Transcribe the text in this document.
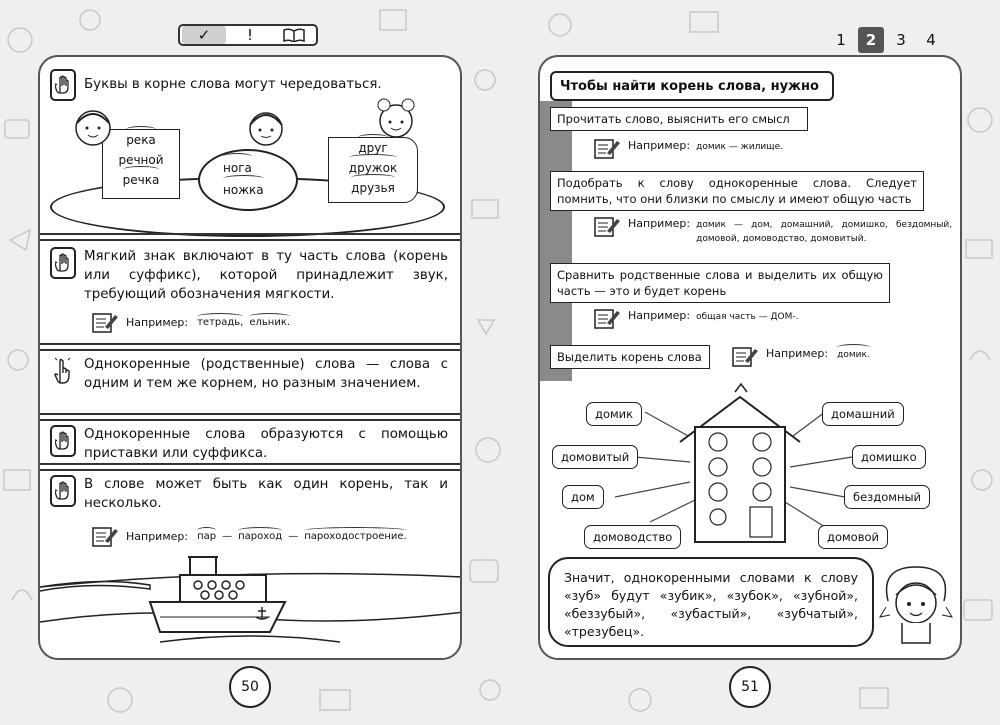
✓	!	1	2	3	4
Буквы в корне слова могут чередоваться.
река
речной
речка
нога
ножка
друг
дружок
друзья
Мягкий знак включают в ту часть слова (корень или суффикс), которой принадлежит звук, требующий обозначения мягкости.
Например: тетрадь, ельник.
Однокоренные (родственные) слова — слова с одним и тем же корнем, но разным значением.
Однокоренные слова образуются с помощью приставки или суффикса.
В слове может быть как один корень, так и несколько.
Например: пар — пароход — пароходостроение.
50
Чтобы найти корень слова, нужно
Прочитать слово, выяснить его смысл
Например: домик — жилище.
Подобрать к слову однокоренные слова. Следует помнить, что они близки по смыслу и имеют общую часть
Например: домик — дом, домашний, домишко, бездомный, домовой, домоводство, домовитый.
Сравнить родственные слова и выделить их общую часть — это и будет корень
Например: общая часть — ДОМ-.
Выделить корень слова	Например: домик.
домик	домашний
домовитый	домишко
дом	бездомный
домоводство	домовой
Значит, однокоренными словами к слову «зуб» будут «зубик», «зубок», «зубной», «беззубый», «зубастый», «зубчатый», «трезубец».
51
